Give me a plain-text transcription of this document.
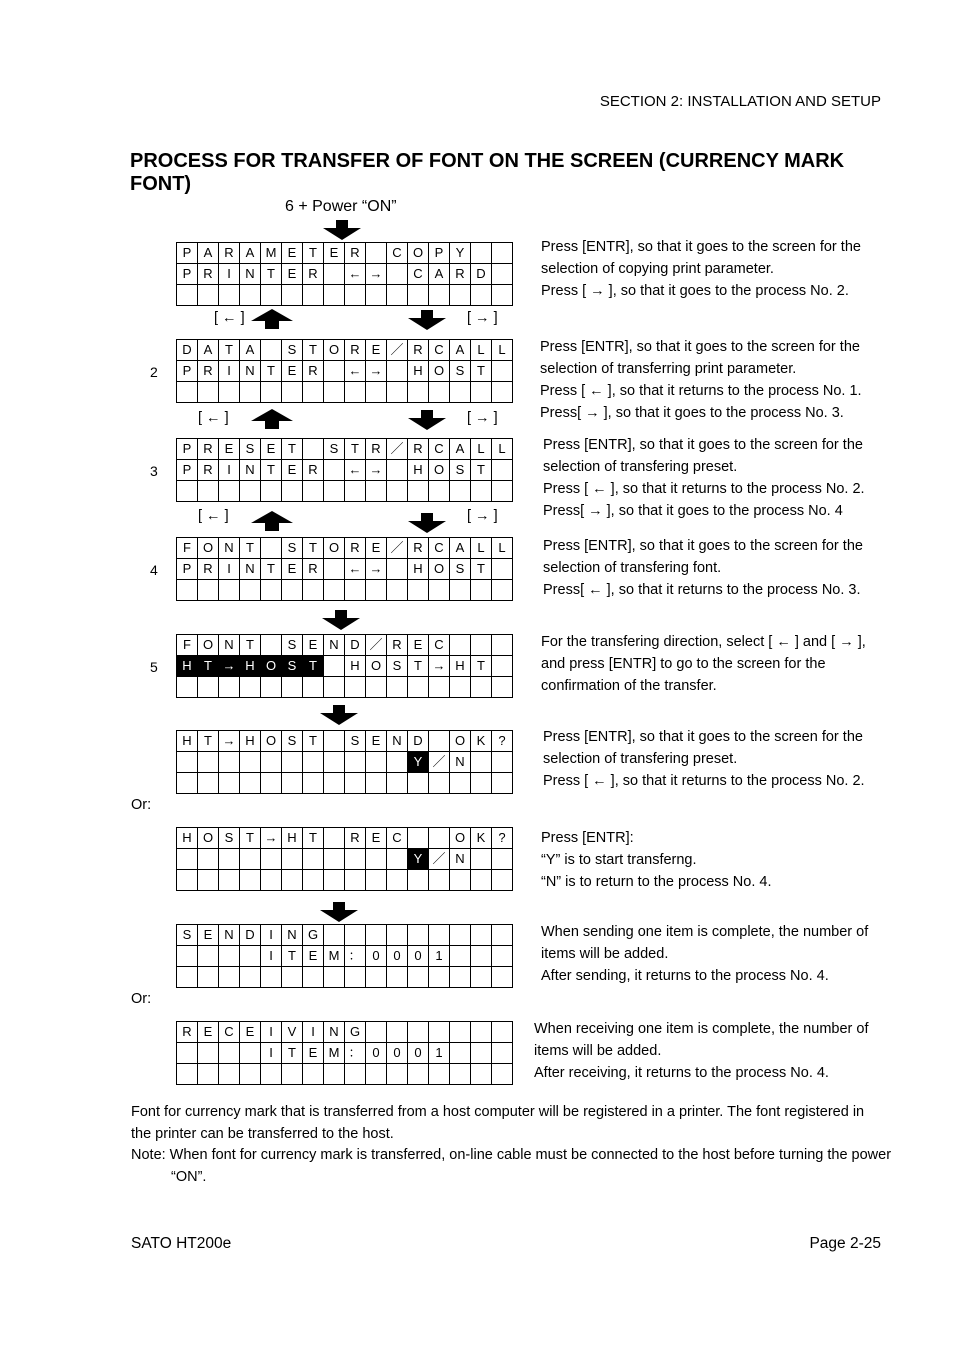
SECTION 2: INSTALLATION AND SETUP
PROCESS FOR TRANSFER OF FONT ON THE SCREEN (CURRENCY MARK FONT)
6 + Power “ON”
P	A	R	A	M	E	T	E	R		C	O	P	Y		
P	R	I	N	T	E	R		←	→		C	A	R	D	

Press [ENTR], so that it goes to the screen for the
selection of copying print parameter.
Press [ → ], so that it goes to the process No. 2.
[ ← ]	[ → ]
2
D	A	T	A		S	T	O	R	E	／	R	C	A	L	L
P	R	I	N	T	E	R		←	→		H	O	S	T	

Press [ENTR], so that it goes to the screen for the
selection of transferring print parameter.
Press [ ← ], so that it returns to the process No. 1.
Press[ → ], so that it goes to the process No. 3.
[ ← ]	[ → ]
3
P	R	E	S	E	T		S	T	R	／	R	C	A	L	L
P	R	I	N	T	E	R		←	→		H	O	S	T	

Press [ENTR], so that it goes to the screen for the
selection of transfering preset.
Press [ ← ], so that it returns to the process No. 2.
Press[ → ], so that it goes to the process No. 4
[ ← ]	[ → ]
4
F	O	N	T		S	T	O	R	E	／	R	C	A	L	L
P	R	I	N	T	E	R		←	→		H	O	S	T	

Press [ENTR], so that it goes to the screen for the
selection of transfering font.
Press[ ← ], so that it returns to the process No. 3.
5
F	O	N	T		S	E	N	D	／	R	E	C			
H	T	→	H	O	S	T		H	O	S	T	→	H	T	

For the transfering direction, select [ ← ] and [ → ],
and press [ENTR] to go to the screen for the
confirmation of the transfer.
H	T	→	H	O	S	T		S	E	N	D		O	K	?
											Y	／	N		

Press [ENTR], so that it goes to the screen for the
selection of transfering preset.
Press [ ← ], so that it returns to the process No. 2.
Or:
H	O	S	T	→	H	T		R	E	C			O	K	?
											Y	／	N		

Press [ENTR]:
“Y” is to start transferng.
“N” is to return to the process No. 4.
S	E	N	D	I	N	G									
				I	T	E	M	：	0	0	0	1			

When sending one item is complete, the number of
items will be added.
After sending, it returns to the process No. 4.
Or:
R	E	C	E	I	V	I	N	G							
				I	T	E	M	：	0	0	0	1			

When receiving one item is complete, the number of
items will be added.
After receiving, it returns to the process No. 4.
Font for currency mark that is transferred from a host computer will be registered in a printer. The font registered in the printer can be transferred to the host.
Note: When font for currency mark is transferred, on-line cable must be connected to the host before turning the power “ON”.
SATO HT200e	Page 2-25
